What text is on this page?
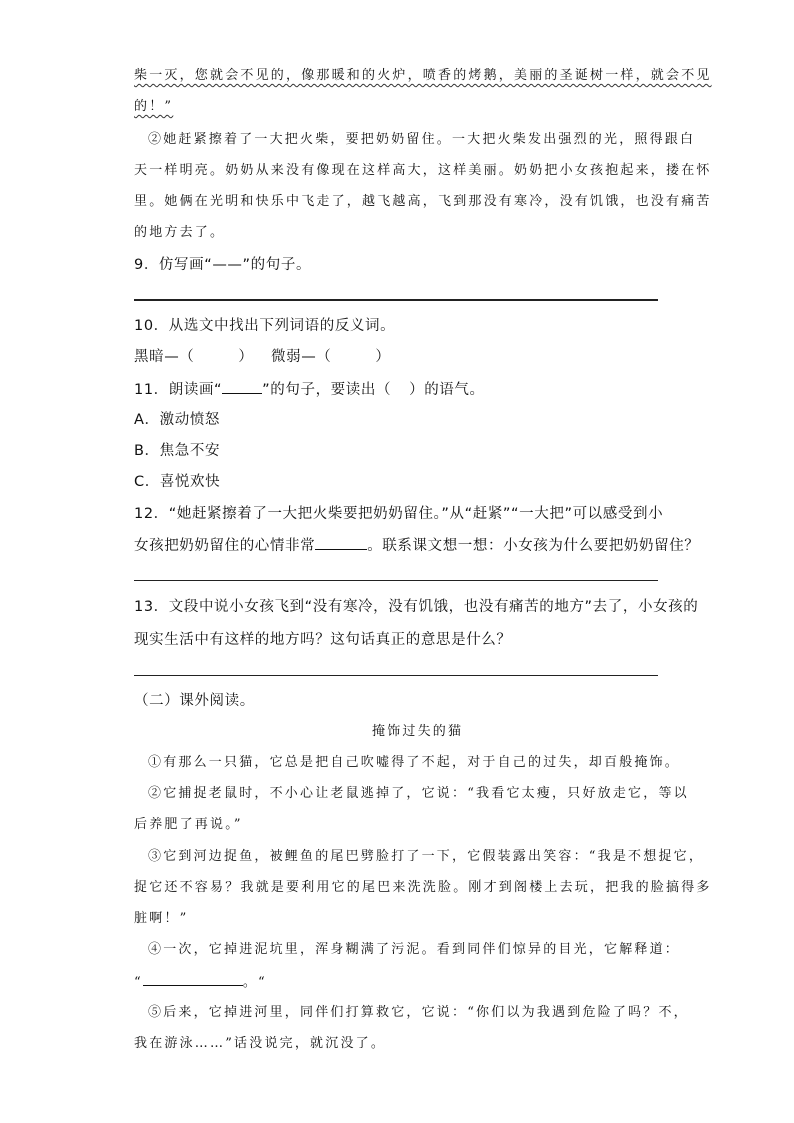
柴一灭，您就会不见的，像那暖和的火炉，喷香的烤鹅，美丽的圣诞树一样，就会不见
的！”
②她赶紧擦着了一大把火柴，要把奶奶留住。一大把火柴发出强烈的光，照得跟白
天一样明亮。奶奶从来没有像现在这样高大，这样美丽。奶奶把小女孩抱起来，搂在怀
里。她俩在光明和快乐中飞走了，越飞越高，飞到那没有寒冷，没有饥饿，也没有痛苦
的地方去了。
9．仿写画“——”的句子。
10．从选文中找出下列词语的反义词。
黑暗—（	） 微弱—（	）
11．朗读画“	”的句子，要读出（ ）的语气。
A．激动愤怒
B．焦急不安
C．喜悦欢快
12．“她赶紧擦着了一大把火柴要把奶奶留住。”从“赶紧”“一大把”可以感受到小
女孩把奶奶留住的心情非常	。联系课文想一想：小女孩为什么要把奶奶留住？
13．文段中说小女孩飞到“没有寒冷，没有饥饿，也没有痛苦的地方”去了，小女孩的
现实生活中有这样的地方吗？这句话真正的意思是什么？
（二）课外阅读。
掩饰过失的猫
①有那么一只猫，它总是把自己吹嘘得了不起，对于自己的过失，却百般掩饰。
②它捕捉老鼠时，不小心让老鼠逃掉了，它说：“我看它太瘦，只好放走它，等以
后养肥了再说。”
③它到河边捉鱼，被鲤鱼的尾巴劈脸打了一下，它假装露出笑容：“我是不想捉它，
捉它还不容易？我就是要利用它的尾巴来洗洗脸。刚才到阁楼上去玩，把我的脸搞得多
脏啊！”
④一次，它掉进泥坑里，浑身糊满了污泥。看到同伴们惊异的目光，它解释道：
“	。“
⑤后来，它掉进河里，同伴们打算救它，它说：“你们以为我遇到危险了吗？不，
我在游泳……”话没说完，就沉没了。
